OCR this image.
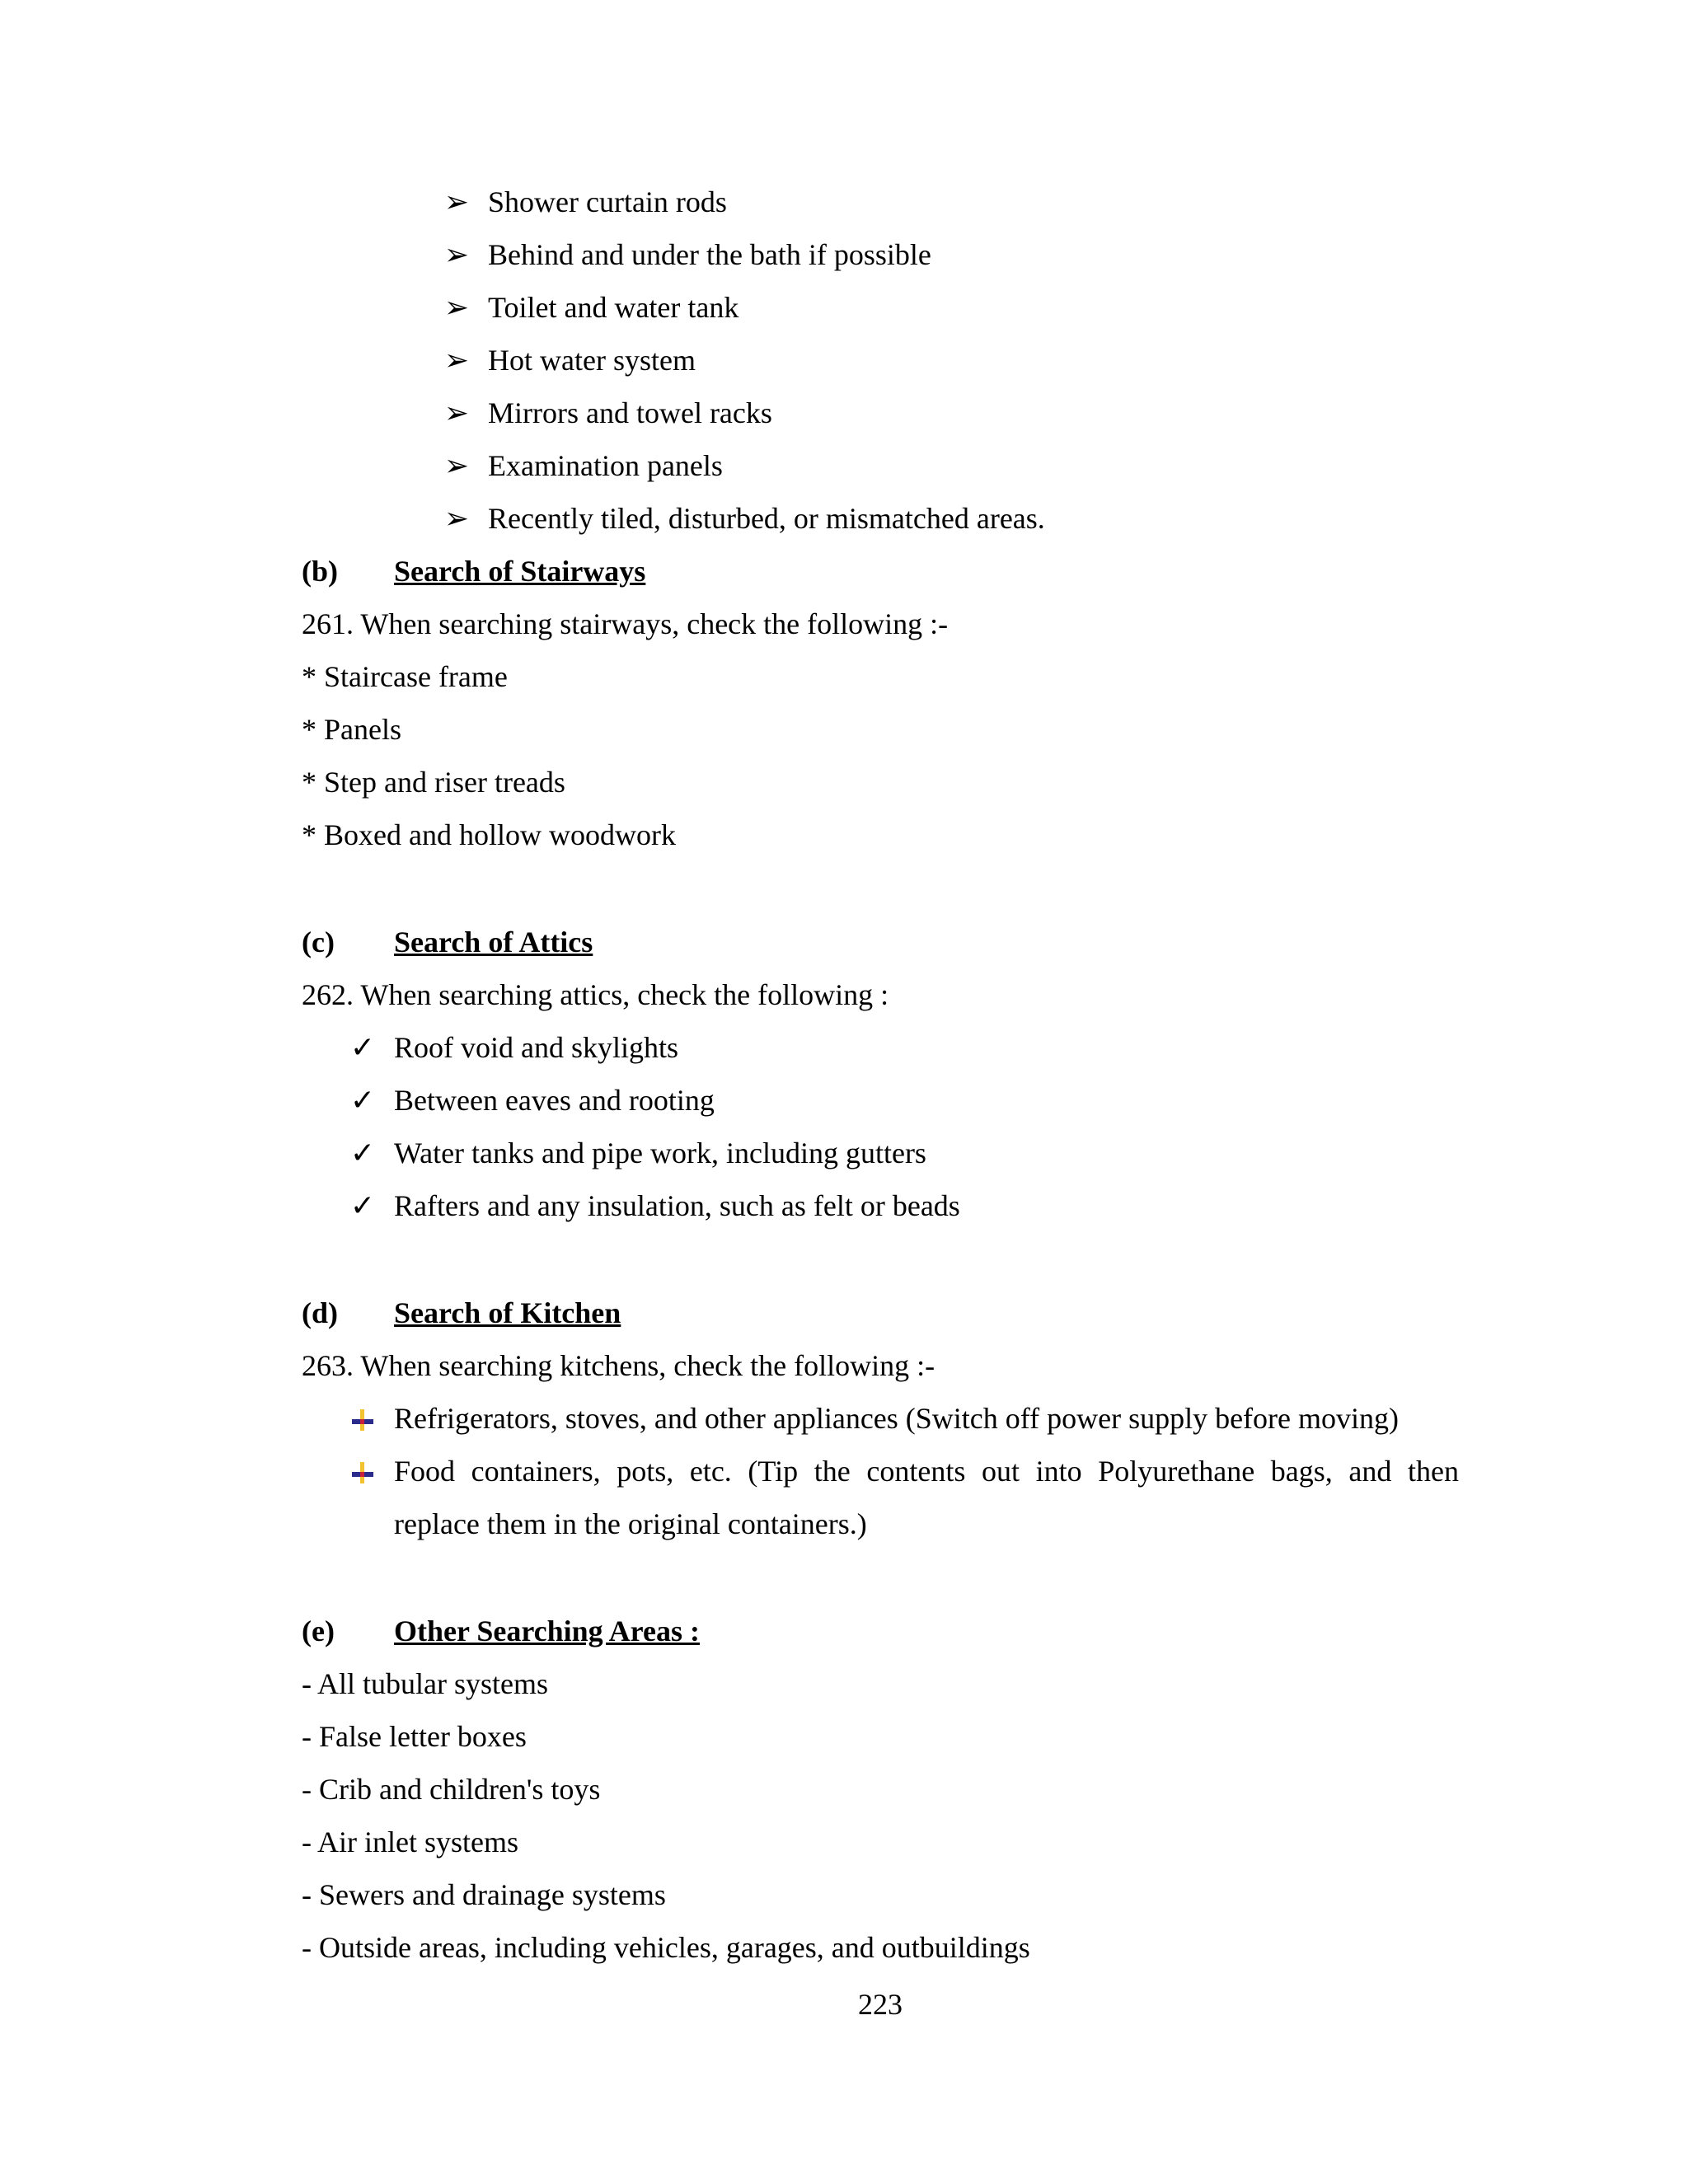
➢ Shower curtain rods
➢ Behind and under the bath if possible
➢ Toilet and water tank
➢ Hot water system
➢ Mirrors and towel racks
➢ Examination panels
➢ Recently tiled, disturbed, or mismatched areas.
(b) Search of Stairways
261. When searching stairways, check the following :-
* Staircase frame
* Panels
* Step and riser treads
* Boxed and hollow woodwork
(c) Search of Attics
262. When searching attics, check the following :
✓ Roof void and skylights
✓ Between eaves and rooting
✓ Water tanks and pipe work, including gutters
✓ Rafters and any insulation, such as felt or beads
(d) Search of Kitchen
263. When searching kitchens, check the following :-
Refrigerators, stoves, and other appliances (Switch off power supply before moving)
Food containers, pots, etc. (Tip the contents out into Polyurethane bags, and then
replace them in the original containers.)
(e) Other Searching Areas :
- All tubular systems
- False letter boxes
- Crib and children's toys
- Air inlet systems
- Sewers and drainage systems
- Outside areas, including vehicles, garages, and outbuildings
223
